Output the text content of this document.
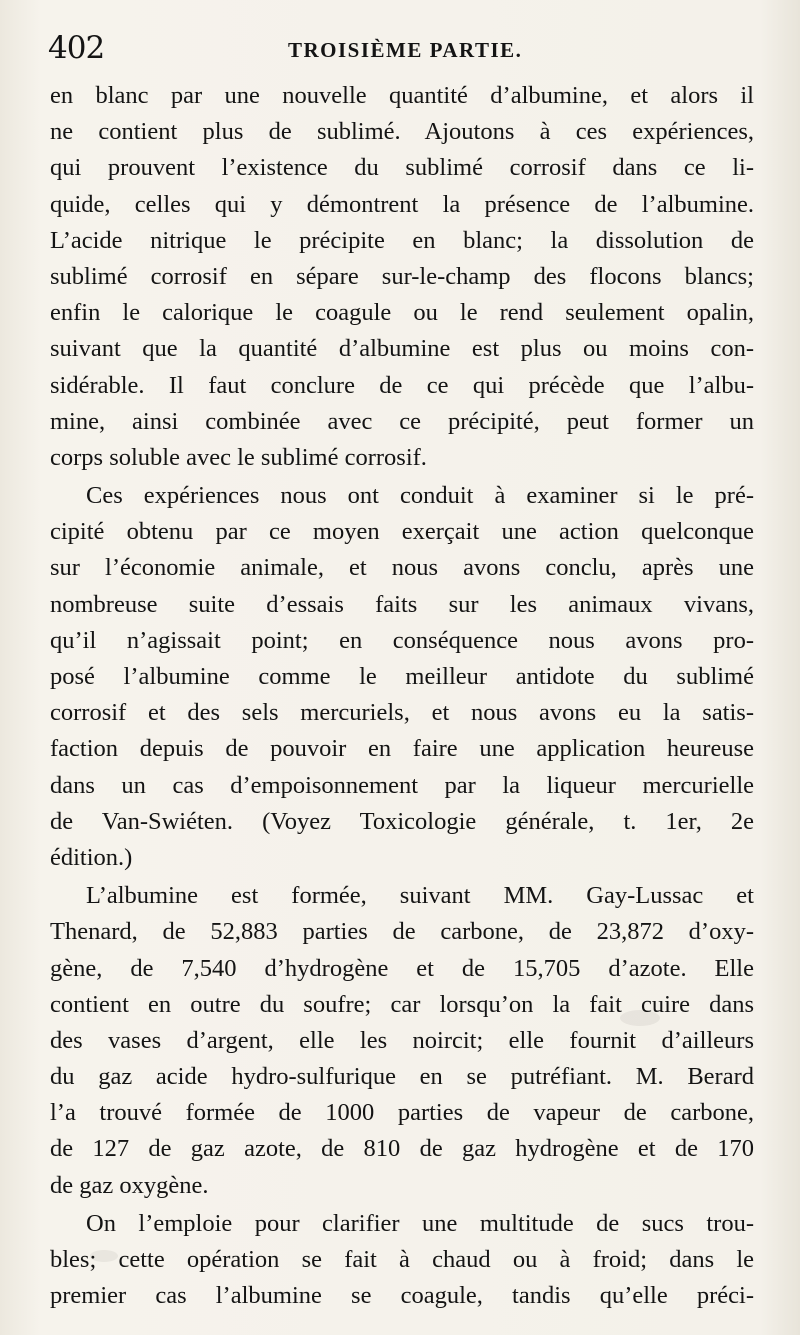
402	TROISIÈME PARTIE.
en blanc par une nouvelle quantité d’albumine, et alors il
ne contient plus de sublimé. Ajoutons à ces expériences,
qui prouvent l’existence du sublimé corrosif dans ce li-
quide, celles qui y démontrent la présence de l’albumine.
L’acide nitrique le précipite en blanc; la dissolution de
sublimé corrosif en sépare sur-le-champ des flocons blancs;
enfin le calorique le coagule ou le rend seulement opalin,
suivant que la quantité d’albumine est plus ou moins con-
sidérable. Il faut conclure de ce qui précède que l’albu-
mine, ainsi combinée avec ce précipité, peut former un
corps soluble avec le sublimé corrosif.
Ces expériences nous ont conduit à examiner si le pré-
cipité obtenu par ce moyen exerçait une action quelconque
sur l’économie animale, et nous avons conclu, après une
nombreuse suite d’essais faits sur les animaux vivans,
qu’il n’agissait point; en conséquence nous avons pro-
posé l’albumine comme le meilleur antidote du sublimé
corrosif et des sels mercuriels, et nous avons eu la satis-
faction depuis de pouvoir en faire une application heureuse
dans un cas d’empoisonnement par la liqueur mercurielle
de Van-Swiéten. (Voyez Toxicologie générale, t. 1er, 2e
édition.)
L’albumine est formée, suivant MM. Gay-Lussac et
Thenard, de 52,883 parties de carbone, de 23,872 d’oxy-
gène, de 7,540 d’hydrogène et de 15,705 d’azote. Elle
contient en outre du soufre; car lorsqu’on la fait cuire dans
des vases d’argent, elle les noircit; elle fournit d’ailleurs
du gaz acide hydro-sulfurique en se putréfiant. M. Berard
l’a trouvé formée de 1000 parties de vapeur de carbone,
de 127 de gaz azote, de 810 de gaz hydrogène et de 170
de gaz oxygène.
On l’emploie pour clarifier une multitude de sucs trou-
bles; cette opération se fait à chaud ou à froid; dans le
premier cas l’albumine se coagule, tandis qu’elle préci-
